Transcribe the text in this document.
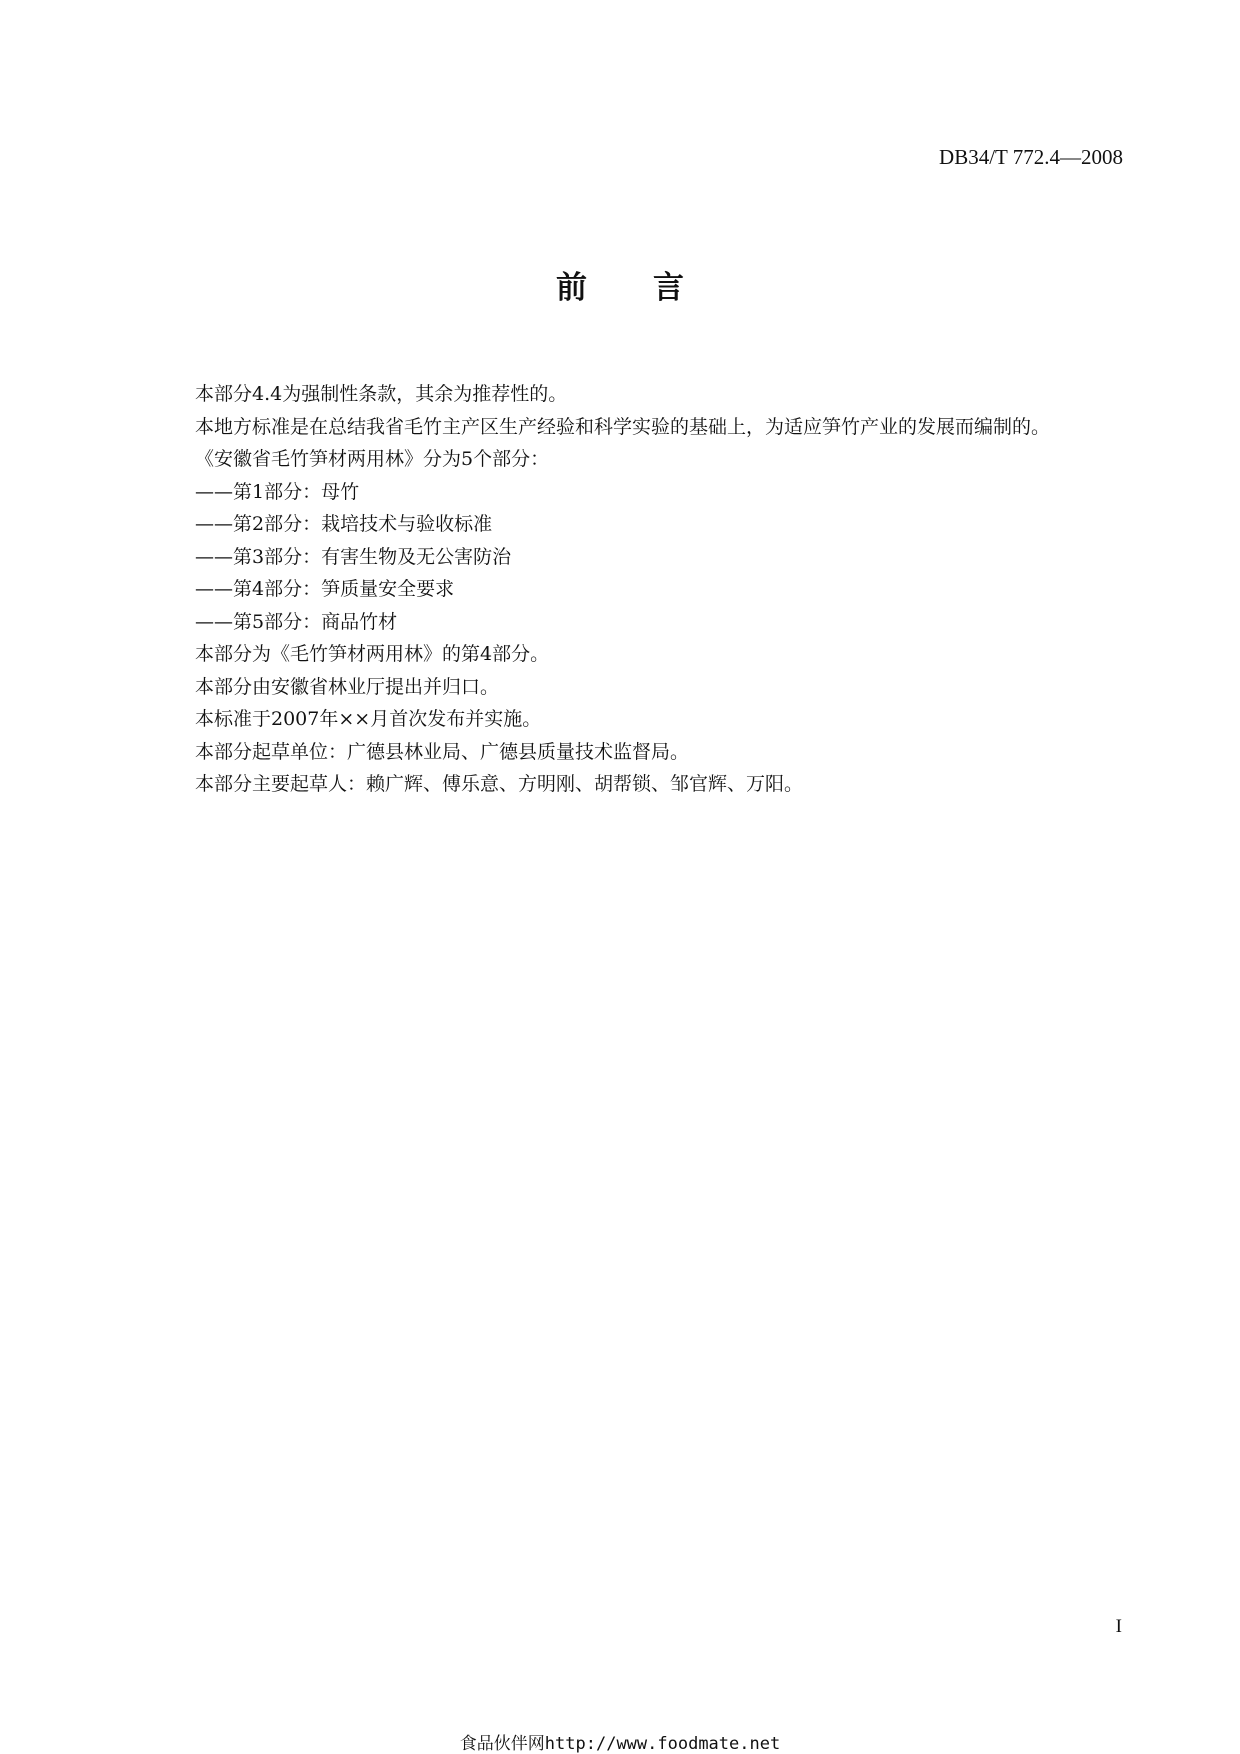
DB34/T 772.4—2008
前 言

本部分4.4为强制性条款，其余为推荐性的。

本地方标准是在总结我省毛竹主产区生产经验和科学实验的基础上，为适应笋竹产业的发展而编制的。

《安徽省毛竹笋材两用林》分为5个部分：

——第1部分：母竹

——第2部分：栽培技术与验收标准

——第3部分：有害生物及无公害防治

——第4部分：笋质量安全要求

——第5部分：商品竹材

本部分为《毛竹笋材两用林》的第4部分。

本部分由安徽省林业厅提出并归口。

本标准于2007年××月首次发布并实施。

本部分起草单位：广德县林业局、广德县质量技术监督局。

本部分主要起草人：赖广辉、傅乐意、方明刚、胡帮锁、邹官辉、万阳。

I
食品伙伴网http://www.foodmate.net
